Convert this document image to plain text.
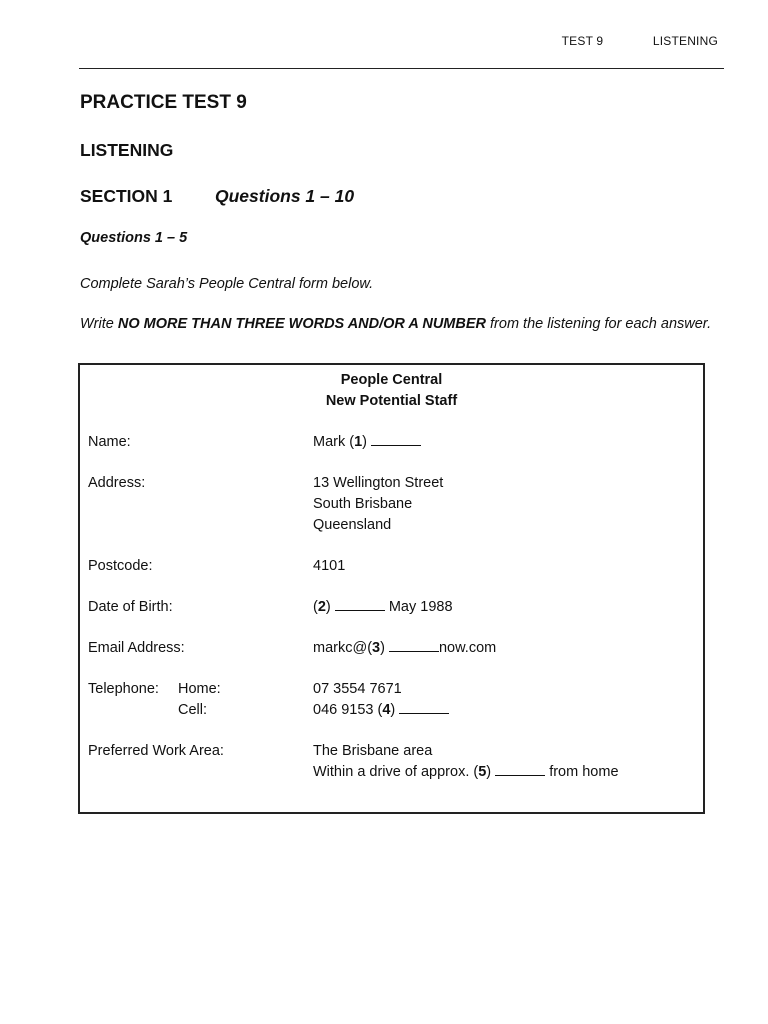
TEST 9	LISTENING
PRACTICE TEST 9
LISTENING
SECTION 1 Questions 1 – 10
Questions 1 – 5
Complete Sarah’s People Central form below.
Write NO MORE THAN THREE WORDS AND/OR A NUMBER from the listening for each answer.
People Central
New Potential Staff
Name:	Mark (1)
Address:	13 Wellington Street
South Brisbane
Queensland
Postcode:	4101
Date of Birth:	(2)	May 1988
Email Address:	markc@(3)	now.com
Telephone: Home:	07 3554 7671
Cell:	046 9153 (4)
Preferred Work Area:	The Brisbane area
Within a drive of approx. (5)	from home
